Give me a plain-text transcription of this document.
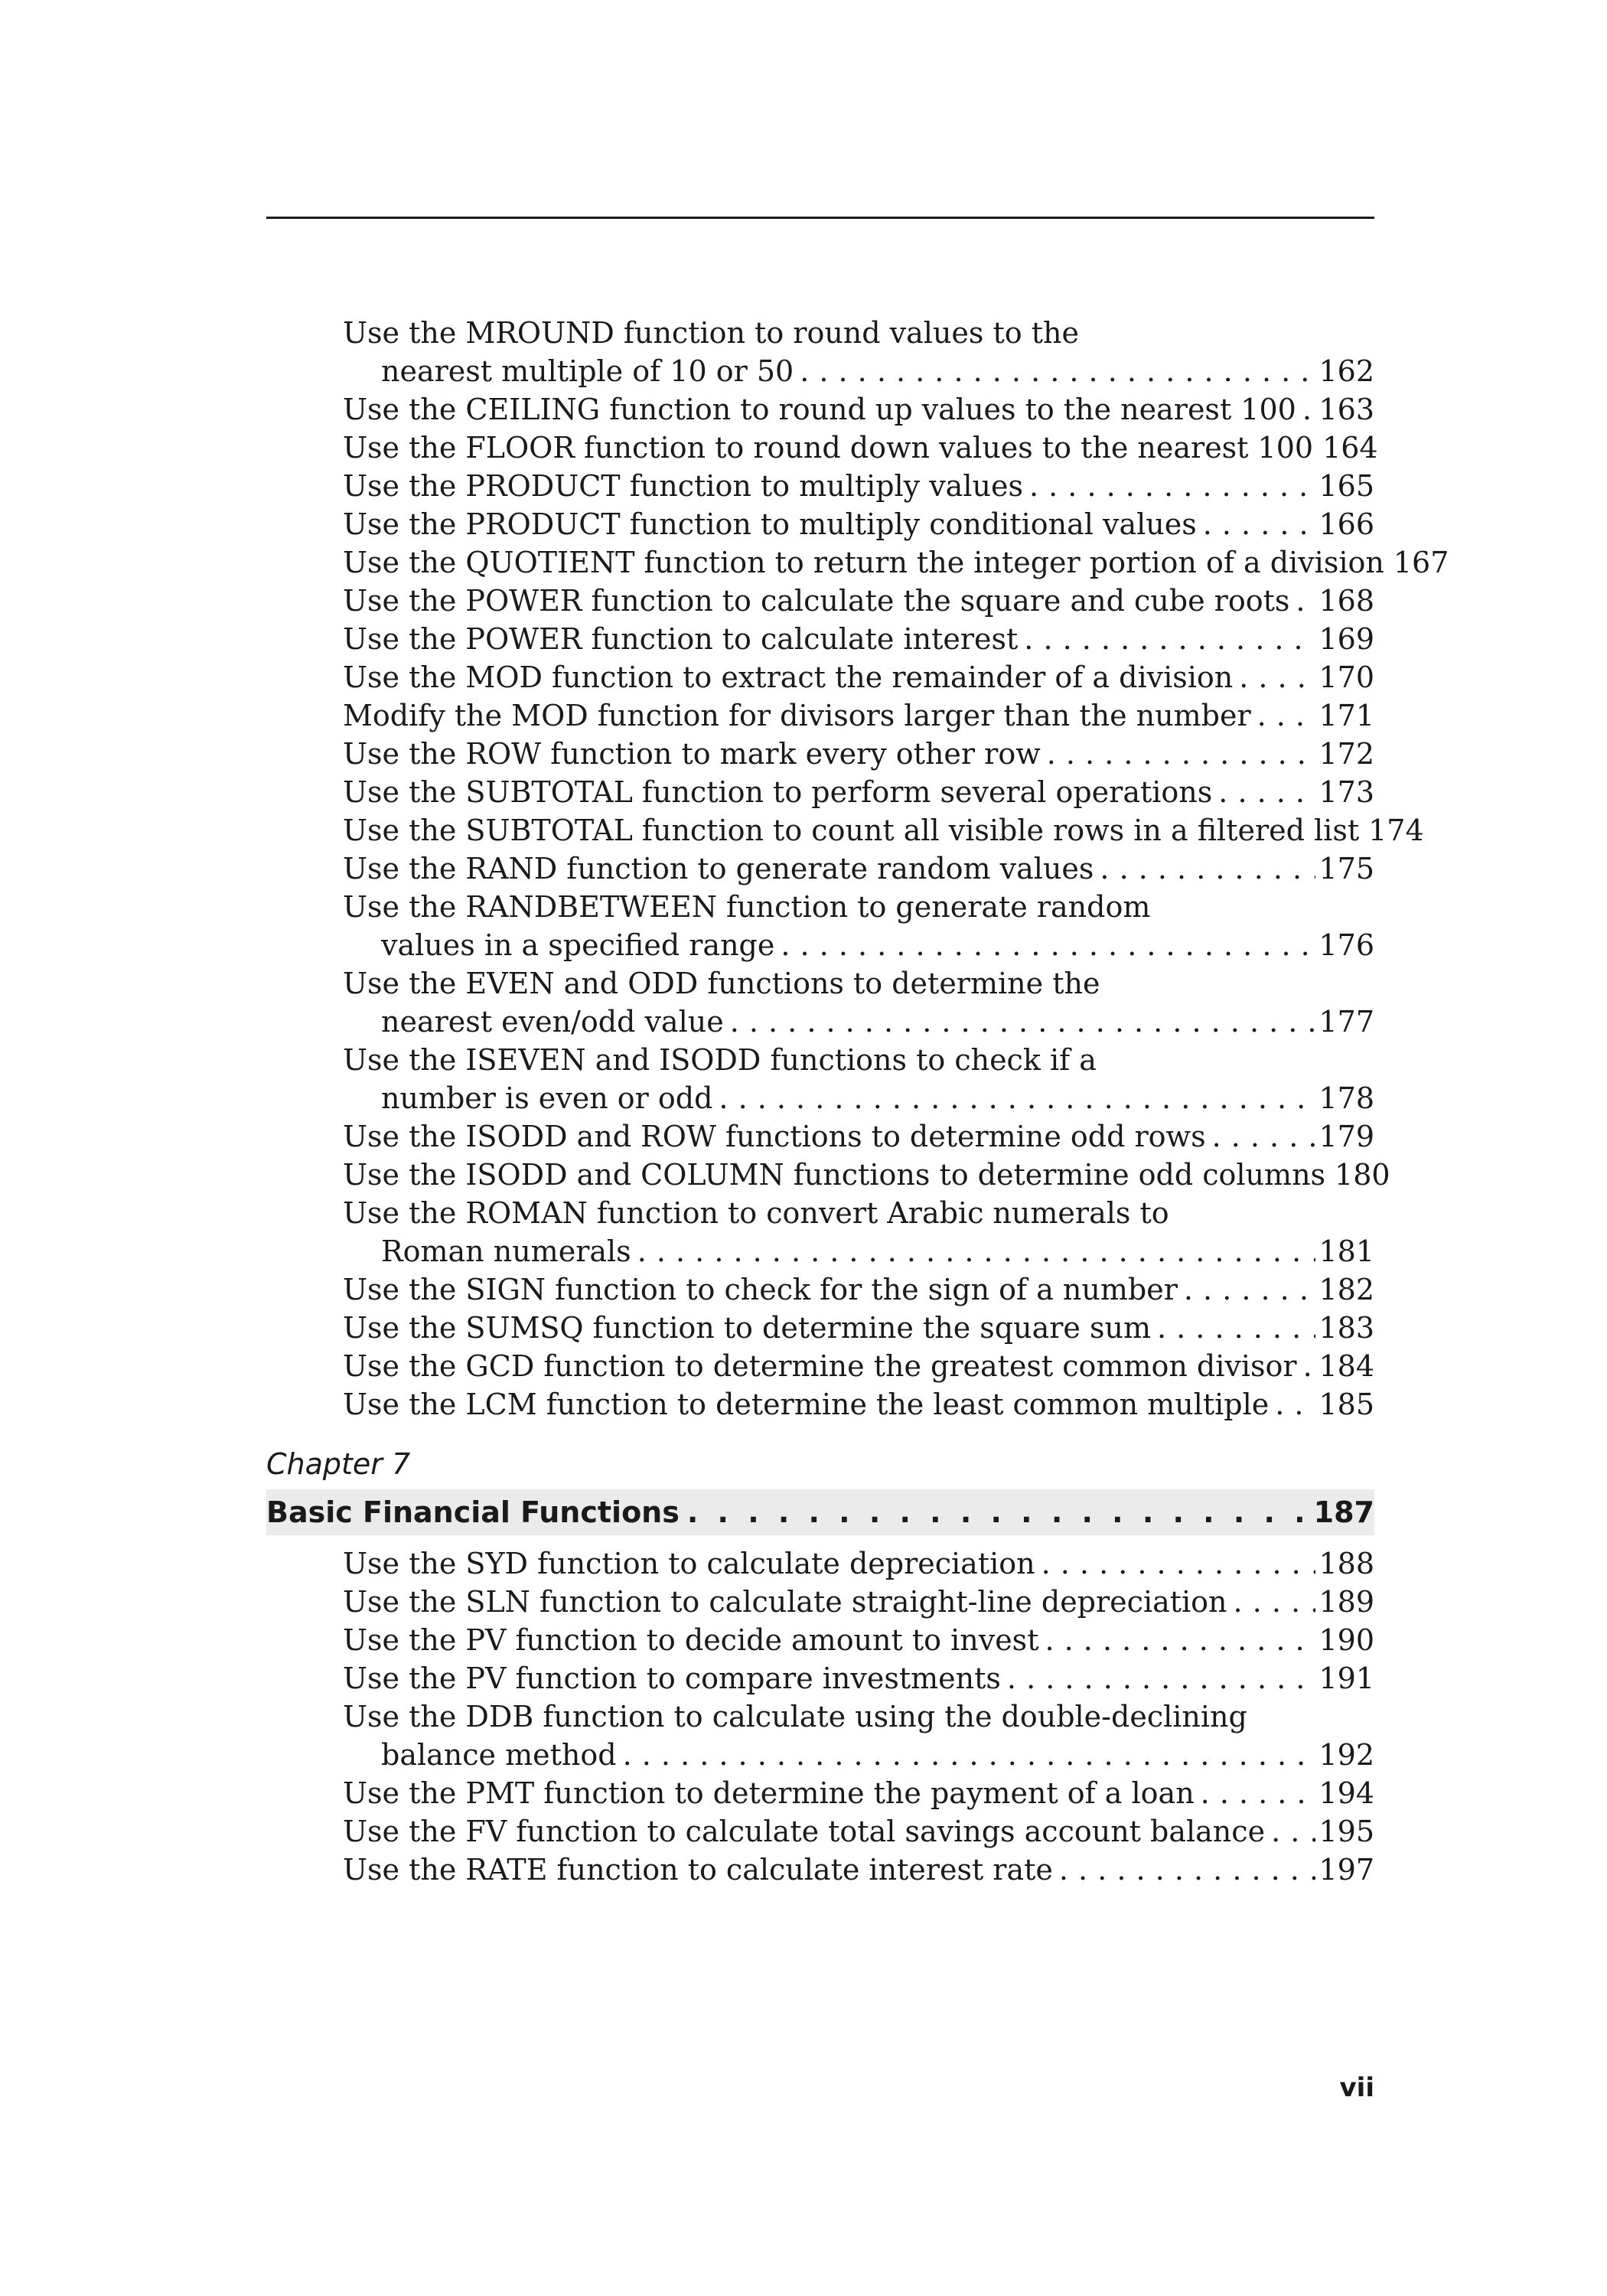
Use the MROUND function to round values to the
nearest multiple of 10 or 50 . . .	162
Use the CEILING function to round up values to the nearest 100 . . . 163
Use the FLOOR function to round down values to the nearest 100 164
Use the PRODUCT function to multiply values . . .	165
Use the PRODUCT function to multiply conditional values . . .	166
Use the QUOTIENT function to return the integer portion of a division 167
Use the POWER function to calculate the square and cube roots . . . 168
Use the POWER function to calculate interest . . .	169
Use the MOD function to extract the remainder of a division . . .	170
Modify the MOD function for divisors larger than the number . . . 171
Use the ROW function to mark every other row . . .	172
Use the SUBTOTAL function to perform several operations . . .	173
Use the SUBTOTAL function to count all visible rows in a filtered list 174
Use the RAND function to generate random values . . .	175
Use the RANDBETWEEN function to generate random
values in a specified range . . .	176
Use the EVEN and ODD functions to determine the
nearest even/odd value . . .	177
Use the ISEVEN and ISODD functions to check if a
number is even or odd . . .	178
Use the ISODD and ROW functions to determine odd rows . . .	179
Use the ISODD and COLUMN functions to determine odd columns 180
Use the ROMAN function to convert Arabic numerals to
Roman numerals . . .	181
Use the SIGN function to check for the sign of a number . . .	182
Use the SUMSQ function to determine the square sum . . .	183
Use the GCD function to determine the greatest common divisor . . . 184
Use the LCM function to determine the least common multiple . . . 185
Chapter 7
Basic Financial Functions . . .	187
Use the SYD function to calculate depreciation . . .	188
Use the SLN function to calculate straight-line depreciation . . .	189
Use the PV function to decide amount to invest . . .	190
Use the PV function to compare investments . . .	191
Use the DDB function to calculate using the double-declining
balance method . . .	192
Use the PMT function to determine the payment of a loan . . .	194
Use the FV function to calculate total savings account balance . . . 195
Use the RATE function to calculate interest rate . . .	197
vii
